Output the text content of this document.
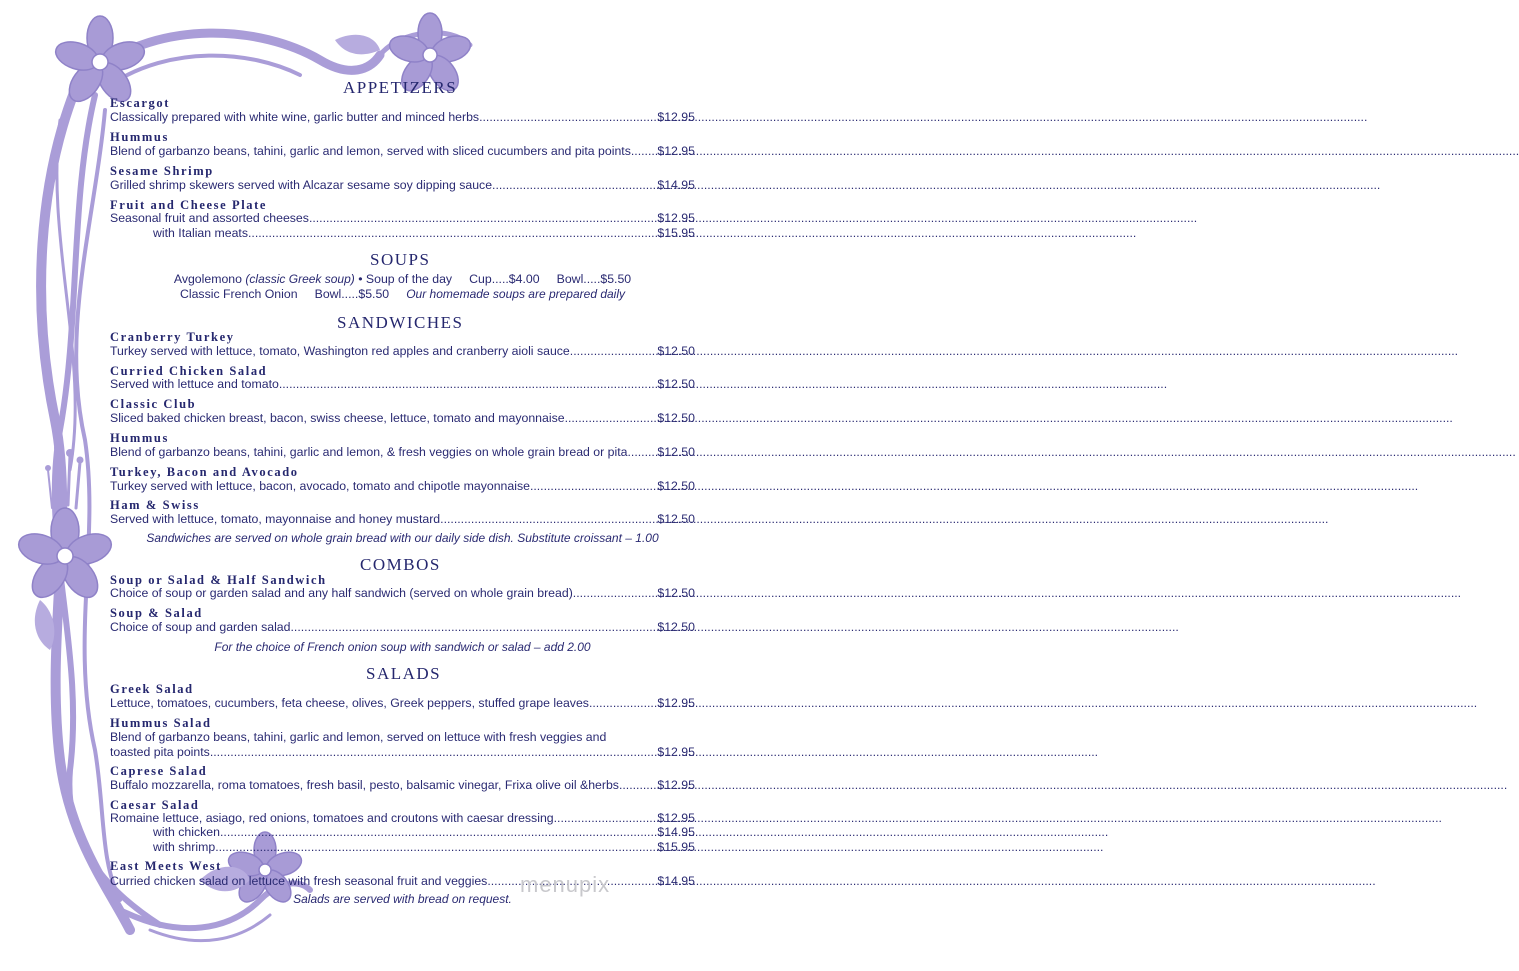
APPETIZERS
Escargot
Classically prepared with white wine, garlic butter and minced herbs .....	$12.95
Hummus
Blend of garbanzo beans, tahini, garlic and lemon, served with sliced cucumbers and pita points ..... $12.95
Sesame Shrimp
Grilled shrimp skewers served with Alcazar sesame soy dipping sauce .....	$14.95
Fruit and Cheese Plate
Seasonal fruit and assorted cheeses .....	$12.95
with Italian meats .....	$15.95
SOUPS
Avgolemono (classic Greek soup) • Soup of the day     Cup.....$4.00     Bowl.....$5.50
Classic French Onion     Bowl.....$5.50     Our homemade soups are prepared daily
SANDWICHES
Cranberry Turkey
Turkey served with lettuce, tomato, Washington red apples and cranberry aioli sauce .....	$12.50
Curried Chicken Salad
Served with lettuce and tomato .....	$12.50
Classic Club
Sliced baked chicken breast, bacon, swiss cheese, lettuce, tomato and mayonnaise .....	$12.50
Hummus
Blend of garbanzo beans, tahini, garlic and lemon, & fresh veggies on whole grain bread or pita ..... $12.50
Turkey, Bacon and Avocado
Turkey served with lettuce, bacon, avocado, tomato and chipotle mayonnaise .....	$12.50
Ham & Swiss
Served with lettuce, tomato, mayonnaise and honey mustard .....	$12.50
Sandwiches are served on whole grain bread with our daily side dish. Substitute croissant – 1.00
COMBOS
Soup or Salad & Half Sandwich
Choice of soup or garden salad and any half sandwich (served on whole grain bread) .....	$12.50
Soup & Salad
Choice of soup and garden salad .....	$12.50
For the choice of French onion soup with sandwich or salad – add 2.00
SALADS
Greek Salad
Lettuce, tomatoes, cucumbers, feta cheese, olives, Greek peppers, stuffed grape leaves .....	$12.95
Hummus Salad
Blend of garbanzo beans, tahini, garlic and lemon, served on lettuce with fresh veggies and
toasted pita points .....	$12.95
Caprese Salad
Buffalo mozzarella, roma tomatoes, fresh basil, pesto, balsamic vinegar, Frixa olive oil &herbs .....	$12.95
Caesar Salad
Romaine lettuce, asiago, red onions, tomatoes and croutons with caesar dressing .....	$12.95
with chicken .....	$14.95
with shrimp .....	$15.95
East Meets West
Curried chicken salad on lettuce with fresh seasonal fruit and veggies .....	$14.95
Salads are served with bread on request.
menupix
